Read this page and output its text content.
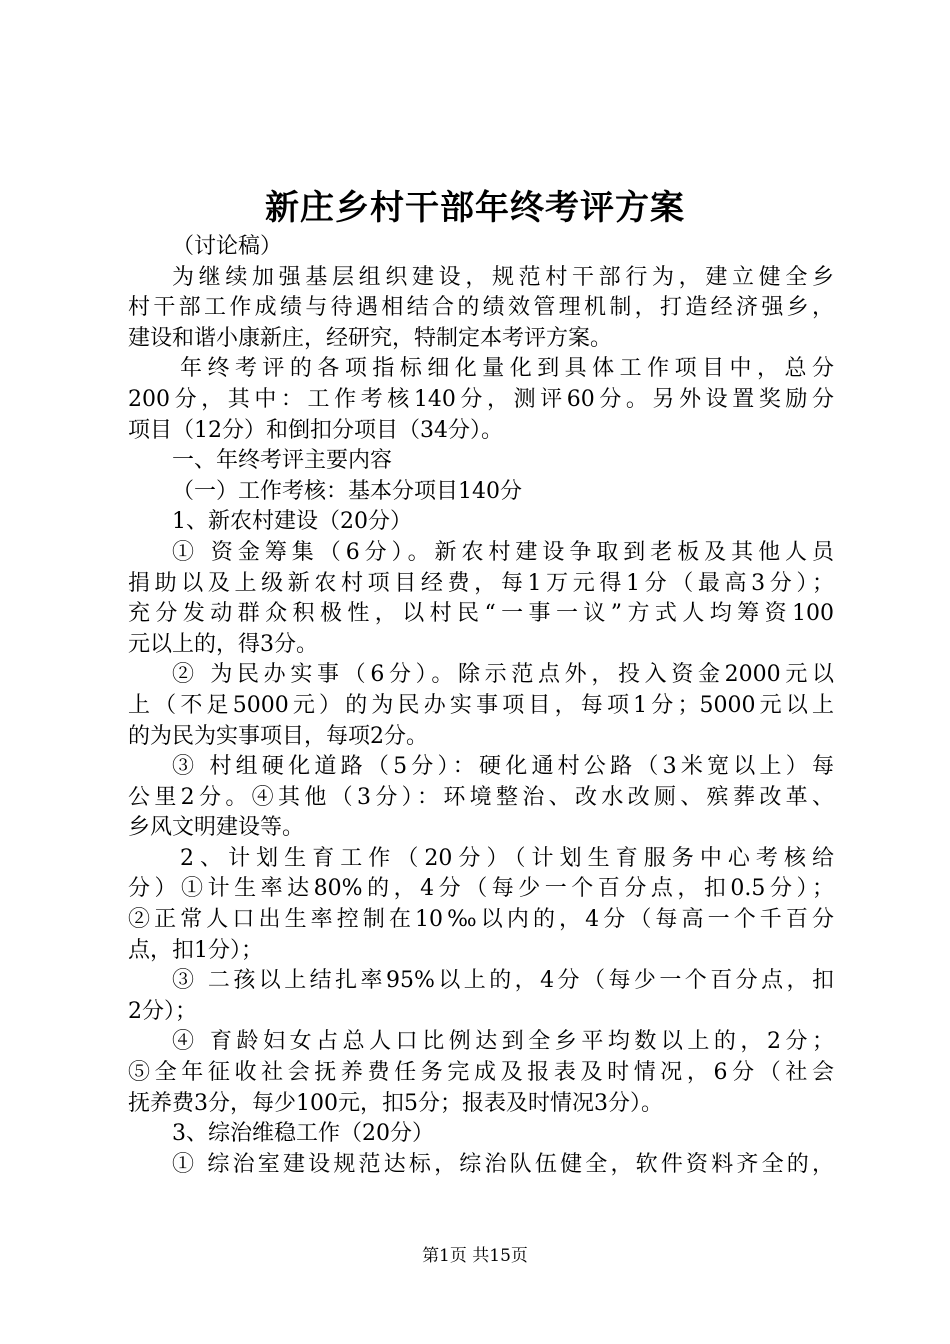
新庄乡村干部年终考评方案
（讨论稿）
为继续加强基层组织建设，规范村干部行为，建立健全乡
村干部工作成绩与待遇相结合的绩效管理机制，打造经济强乡，
建设和谐小康新庄，经研究，特制定本考评方案。
年终考评的各项指标细化量化到具体工作项目中，总分
200分，其中：工作考核140分，测评60分。另外设置奖励分
项目（12分）和倒扣分项目（34分）。
一、年终考评主要内容
（一）工作考核：基本分项目140分
1、新农村建设（20分）
① 资金筹集（6分）。新农村建设争取到老板及其他人员
捐助以及上级新农村项目经费，每1万元得1分（最高3分）；
充分发动群众积极性，以村民“一事一议”方式人均筹资100
元以上的，得3分。
② 为民办实事（6分）。除示范点外，投入资金2000元以
上（不足5000元）的为民办实事项目，每项1分；5000元以上
的为民为实事项目，每项2分。
③ 村组硬化道路（5分）：硬化通村公路（3米宽以上）每
公里2分。④其他（3分）：环境整治、改水改厕、殡葬改革、
乡风文明建设等。
2、计划生育工作（20分）（计划生育服务中心考核给
分）①计生率达80%的，4分（每少一个百分点，扣0.5分）；
②正常人口出生率控制在10‰以内的，4分（每高一个千百分
点，扣1分）；
③ 二孩以上结扎率95%以上的，4分（每少一个百分点，扣
2分）；
④ 育龄妇女占总人口比例达到全乡平均数以上的，2分；
⑤全年征收社会抚养费任务完成及报表及时情况，6分（社会
抚养费3分，每少100元，扣5分；报表及时情况3分）。
3、综治维稳工作（20分）
① 综治室建设规范达标，综治队伍健全，软件资料齐全的，
第1页 共15页
